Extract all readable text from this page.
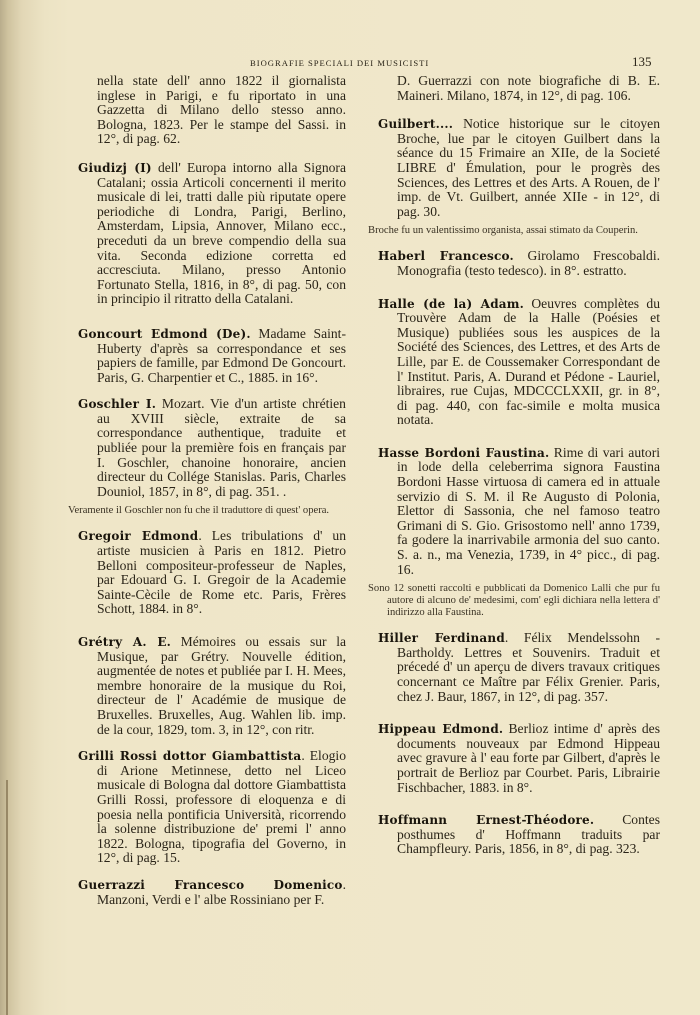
BIOGRAFIE SPECIALI DEI MUSICISTI	135

nella state dell' anno 1822 il giornalista inglese in Parigi, e fu riportato in una Gazzetta di Milano dello stesso anno. Bologna, 1823. Per le stampe del Sassi. in 12°, di pag. 62.

Giudizj (I) dell' Europa intorno alla Signora Catalani; ossia Articoli concernenti il merito musicale di lei, tratti dalle più riputate opere periodiche di Londra, Parigi, Berlino, Amsterdam, Lipsia, Annover, Milano ecc., preceduti da un breve compendio della sua vita. Seconda edizione corretta ed accresciuta. Milano, presso Antonio Fortunato Stella, 1816, in 8°, di pag. 50, con in principio il ritratto della Catalani.

Goncourt Edmond (De). Madame Saint-Huberty d'après sa correspondance et ses papiers de famille, par Edmond De Goncourt. Paris, G. Charpentier et C., 1885. in 16°.

Goschler I. Mozart. Vie d'un artiste chrétien au XVIII siècle, extraite de sa correspondance authentique, traduite et publiée pour la première fois en français par I. Goschler, chanoine honoraire, ancien directeur du Collége Stanislas. Paris, Charles Douniol, 1857, in 8°, di pag. 351. .

Veramente il Goschler non fu che il traduttore di quest' opera.

Gregoir Edmond. Les tribulations d' un artiste musicien à Paris en 1812. Pietro Belloni compositeur-professeur de Naples, par Edouard G. I. Gregoir de la Academie Sainte-Cècile de Rome etc. Paris, Frères Schott, 1884. in 8°.

Grétry A. E. Mémoires ou essais sur la Musique, par Grétry. Nouvelle édition, augmentée de notes et publiée par I. H. Mees, membre honoraire de la musique du Roi, directeur de l' Académie de musique de Bruxelles. Bruxelles, Aug. Wahlen lib. imp. de la cour, 1829, tom. 3, in 12°, con ritr.

Grilli Rossi dottor Giambattista. Elogio di Arione Metinnese, detto nel Liceo musicale di Bologna dal dottore Giambattista Grilli Rossi, professore di eloquenza e di poesia nella pontificia Università, ricorrendo la solenne distribuzione de' premi l' anno 1822. Bologna, tipografia del Governo, in 12°, di pag. 15.

Guerrazzi Francesco Domenico. Manzoni, Verdi e l' albe Rossiniano per F.

D. Guerrazzi con note biografiche di B. E. Maineri. Milano, 1874, in 12°, di pag. 106.

Guilbert.... Notice historique sur le citoyen Broche, lue par le citoyen Guilbert dans la séance du 15 Frimaire an XIIe, de la Societé LIBRE d' Émulation, pour le progrès des Sciences, des Lettres et des Arts. A Rouen, de l' imp. de Vt. Guilbert, année XIIe - in 12°, di pag. 30.

Broche fu un valentissimo organista, assai stimato da Couperin.

Haberl Francesco. Girolamo Frescobaldi. Monografia (testo tedesco). in 8°. estratto.

Halle (de la) Adam. Oeuvres complètes du Trouvère Adam de la Halle (Poésies et Musique) publiées sous les auspices de la Société des Sciences, des Lettres, et des Arts de Lille, par E. de Coussemaker Correspondant de l' Institut. Paris, A. Durand et Pédone - Lauriel, libraires, rue Cujas, MDCCCLXXII, gr. in 8°, di pag. 440, con fac-simile e molta musica notata.

Hasse Bordoni Faustina. Rime di vari autori in lode della celeberrima signora Faustina Bordoni Hasse virtuosa di camera ed in attuale servizio di S. M. il Re Augusto di Polonia, Elettor di Sassonia, che nel famoso teatro Grimani di S. Gio. Grisostomo nell' anno 1739, fa godere la inarrivabile armonia del suo canto. S. a. n., ma Venezia, 1739, in 4° picc., di pag. 16.

Sono 12 sonetti raccolti e pubblicati da Domenico Lalli che pur fu autore di alcuno de' medesimi, com' egli dichiara nella lettera d' indirizzo alla Faustina.

Hiller Ferdinand. Félix Mendelssohn - Bartholdy. Lettres et Souvenirs. Traduit et précedé d' un aperçu de divers travaux critiques concernant ce Maître par Félix Grenier. Paris, chez J. Baur, 1867, in 12°, di pag. 357.

Hippeau Edmond. Berlioz intime d' après des documents nouveaux par Edmond Hippeau avec gravure à l' eau forte par Gilbert, d'après le portrait de Berlioz par Courbet. Paris, Librairie Fischbacher, 1883. in 8°.

Hoffmann Ernest-Théodore. Contes posthumes d' Hoffmann traduits par Champfleury. Paris, 1856, in 8°, di pag. 323.
